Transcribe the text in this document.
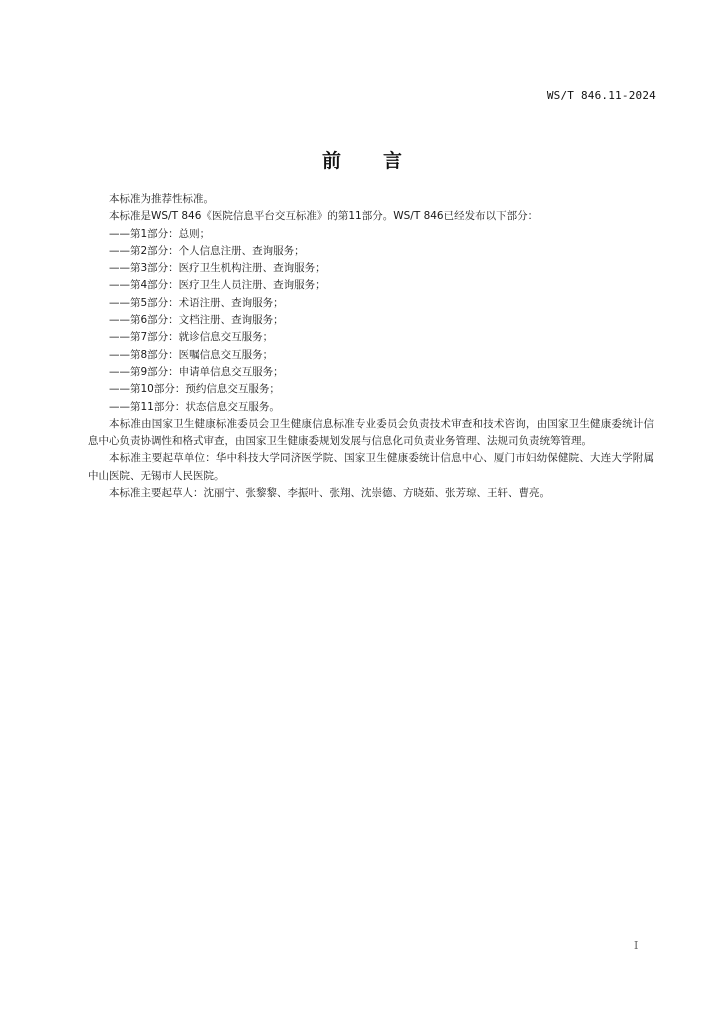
WS/T 846.11-2024
前言

本标准为推荐性标准。

本标准是WS/T 846《医院信息平台交互标准》的第11部分。WS/T 846已经发布以下部分：

——第1部分：总则；
——第2部分：个人信息注册、查询服务；
——第3部分：医疗卫生机构注册、查询服务；
——第4部分：医疗卫生人员注册、查询服务；
——第5部分：术语注册、查询服务；
——第6部分：文档注册、查询服务；
——第7部分：就诊信息交互服务；
——第8部分：医嘱信息交互服务；
——第9部分：申请单信息交互服务；
——第10部分：预约信息交互服务；
——第11部分：状态信息交互服务。

本标准由国家卫生健康标准委员会卫生健康信息标准专业委员会负责技术审查和技术咨询，由国家卫生健康委统计信息中心负责协调性和格式审查，由国家卫生健康委规划发展与信息化司负责业务管理、法规司负责统筹管理。

本标准主要起草单位：华中科技大学同济医学院、国家卫生健康委统计信息中心、厦门市妇幼保健院、大连大学附属中山医院、无锡市人民医院。

本标准主要起草人：沈丽宁、张黎黎、李振叶、张翔、沈崇德、方晓茹、张芳琼、王轩、曹亮。

I
